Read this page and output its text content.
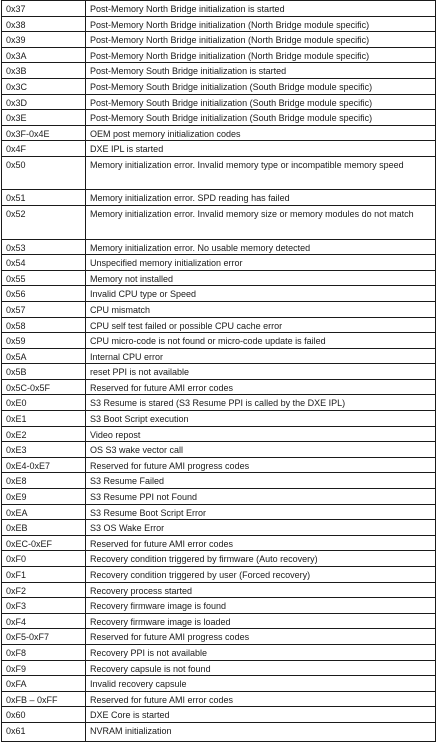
0x37	Post-Memory North Bridge initialization is started
0x38	Post-Memory North Bridge initialization (North Bridge module specific)
0x39	Post-Memory North Bridge initialization (North Bridge module specific)
0x3A	Post-Memory North Bridge initialization (North Bridge module specific)
0x3B	Post-Memory South Bridge initialization is started
0x3C	Post-Memory South Bridge initialization (South Bridge module specific)
0x3D	Post-Memory South Bridge initialization (South Bridge module specific)
0x3E	Post-Memory South Bridge initialization (South Bridge module specific)
0x3F-0x4E	OEM post memory initialization codes
0x4F	DXE IPL is started
0x50	Memory initialization error. Invalid memory type or incompatible memory speed
0x51	Memory initialization error. SPD reading has failed
0x52	Memory initialization error. Invalid memory size or memory modules do not match
0x53	Memory initialization error. No usable memory detected
0x54	Unspecified memory initialization error
0x55	Memory not installed
0x56	Invalid CPU type or Speed
0x57	CPU mismatch
0x58	CPU self test failed or possible CPU cache error
0x59	CPU micro-code is not found or micro-code update is failed
0x5A	Internal CPU error
0x5B	reset PPI is not available
0x5C-0x5F	Reserved for future AMI error codes
0xE0	S3 Resume is stared (S3 Resume PPI is called by the DXE IPL)
0xE1	S3 Boot Script execution
0xE2	Video repost
0xE3	OS S3 wake vector call
0xE4-0xE7	Reserved for future AMI progress codes
0xE8	S3 Resume Failed
0xE9	S3 Resume PPI not Found
0xEA	S3 Resume Boot Script Error
0xEB	S3 OS Wake Error
0xEC-0xEF	Reserved for future AMI error codes
0xF0	Recovery condition triggered by firmware (Auto recovery)
0xF1	Recovery condition triggered by user (Forced recovery)
0xF2	Recovery process started
0xF3	Recovery firmware image is found
0xF4	Recovery firmware image is loaded
0xF5-0xF7	Reserved for future AMI progress codes
0xF8	Recovery PPI is not available
0xF9	Recovery capsule is not found
0xFA	Invalid recovery capsule
0xFB – 0xFF	Reserved for future AMI error codes
0x60	DXE Core is started
0x61	NVRAM initialization
